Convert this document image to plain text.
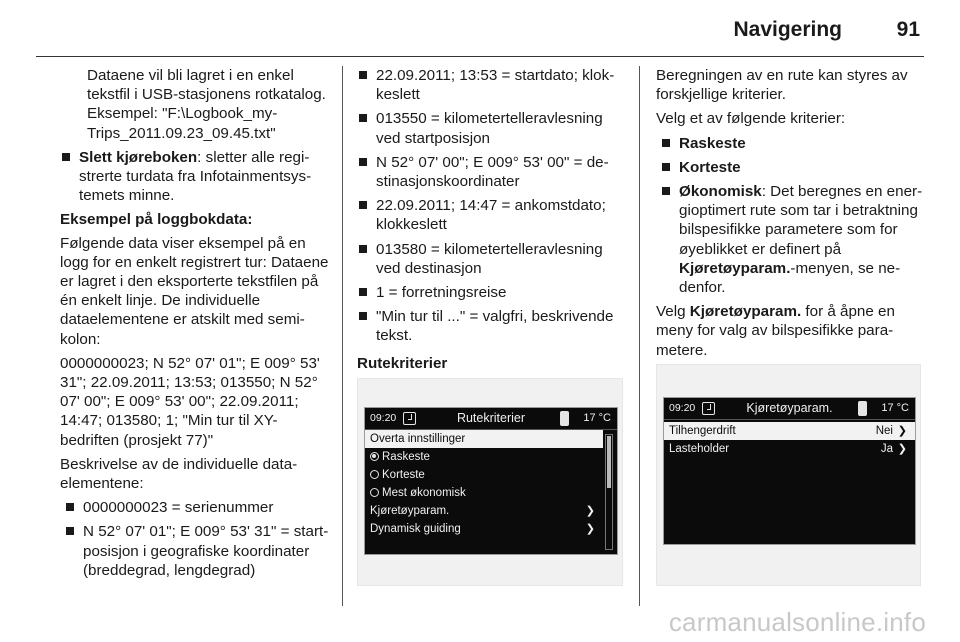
Navigering	91

Dataene vil bli lagret i en enkel tekstfil i USB-stasjonens rotkatalog. Eksempel: "F:\Logbook_my-Trips_2011.09.23_09.45.txt"

Slett kjøreboken: sletter alle registrerte turdata fra Infotainmentsystemets minne.
Eksempel på loggbokdata:

Følgende data viser eksempel på en logg for en enkelt registrert tur: Dataene er lagret i den eksporterte tekstfilen på én enkelt linje. De individuelle dataelementene er atskilt med semikolon:

0000000023; N 52° 07' 01"; E 009° 53' 31"; 22.09.2011; 13:53; 013550; N 52° 07' 00"; E 009° 53' 00"; 22.09.2011; 14:47; 013580; 1; "Min tur til XY-bedriften (prosjekt 77)"

Beskrivelse av de individuelle dataelementene:

0000000023 = serienummer
N 52° 07' 01"; E 009° 53' 31" = startposisjon i geografiske koordinater (breddegrad, lengdegrad)
22.09.2011; 13:53 = startdato; klokkeslett
013550 = kilometertelleravlesning ved startposisjon
N 52° 07' 00"; E 009° 53' 00" = destinasjonskoordinater
22.09.2011; 14:47 = ankomstdato; klokkeslett
013580 = kilometertelleravlesning ved destinasjon
1 = forretningsreise
"Min tur til ..." = valgfri, beskrivende tekst.
Rutekriterier
09:20	Rutekriterier	17 °C
Overta innstillinger
Raskeste
Korteste
Mest økonomisk
Kjøretøyparam.	❯
Dynamisk guiding	❯

Beregningen av en rute kan styres av forskjellige kriterier.

Velg et av følgende kriterier:

Raskeste
Korteste
Økonomisk: Det beregnes en energioptimert rute som tar i betraktning bilspesifikke parametere som for øyeblikket er definert på
Kjøretøyparam.-menyen, se nedenfor.

Velg Kjøretøyparam. for å åpne en meny for valg av bilspesifikke parametere.

09:20	Kjøretøyparam.	17 °C
Tilhengerdrift	Nei ❯
Lasteholder	Ja ❯
carmanualsonline.info
